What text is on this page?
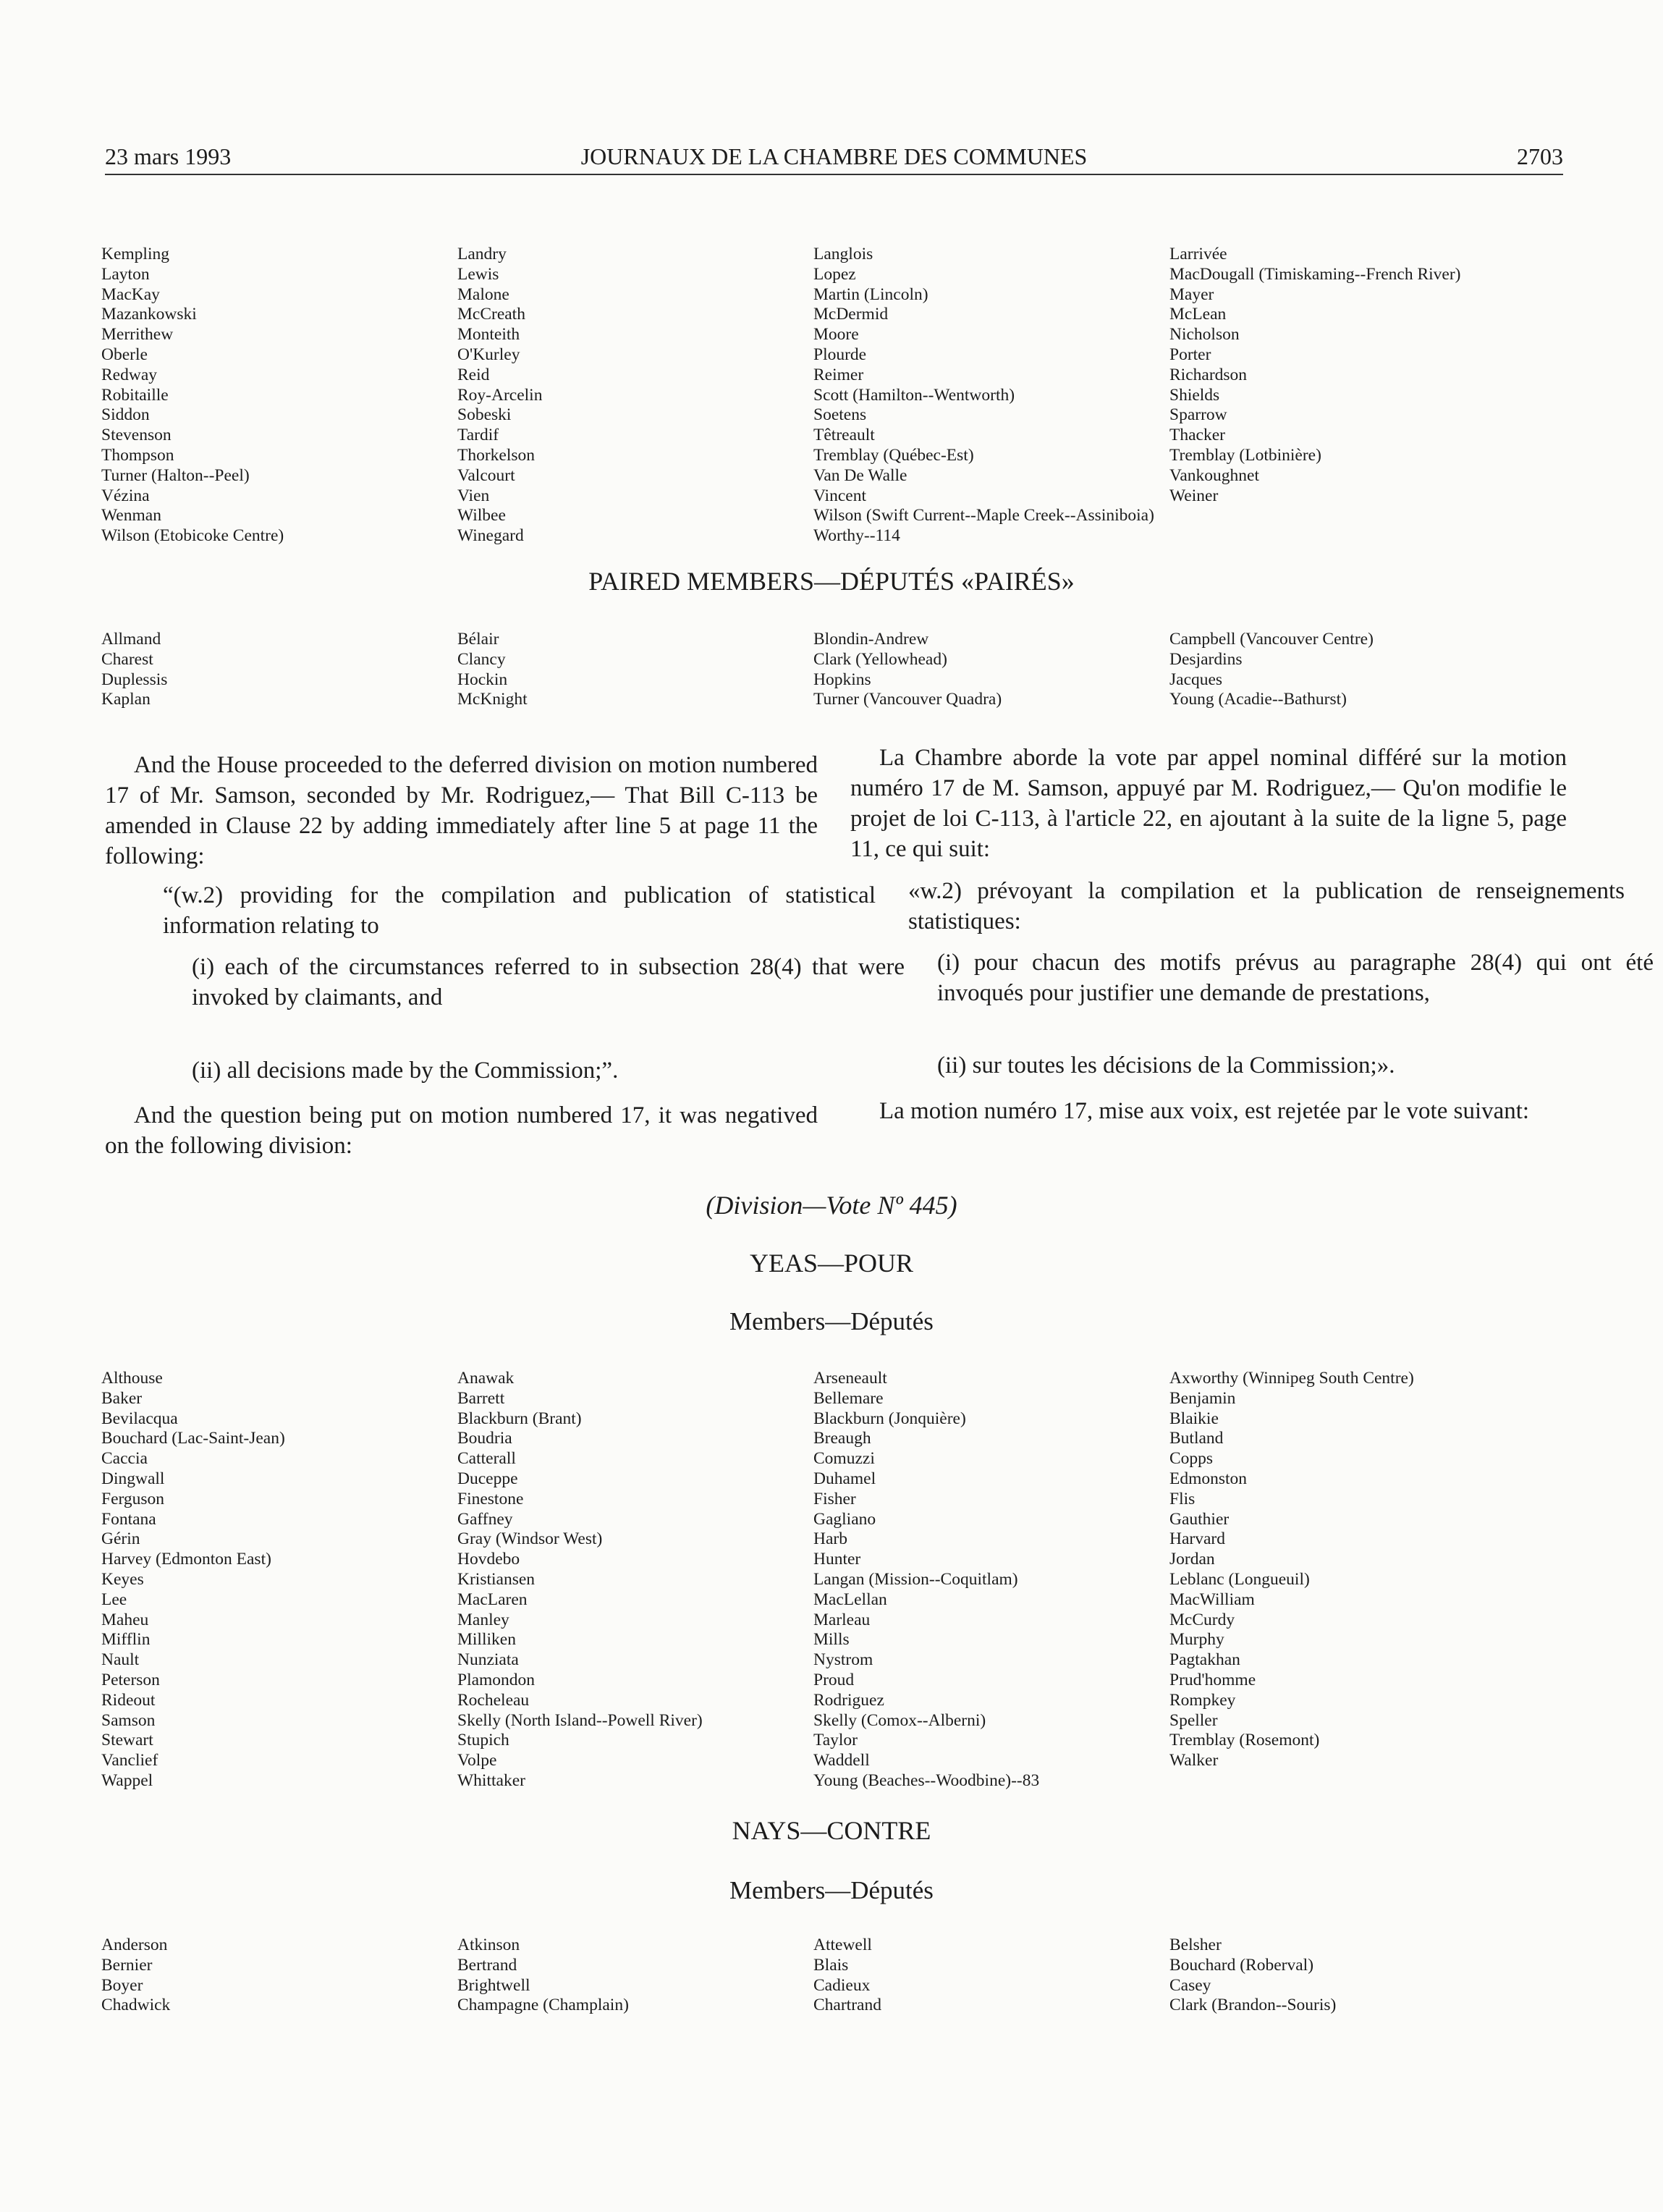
23 mars 1993	JOURNAUX DE LA CHAMBRE DES COMMUNES	2703
Kempling
Layton
MacKay
Mazankowski
Merrithew
Oberle
Redway
Robitaille
Siddon
Stevenson
Thompson
Turner (Halton--Peel)
Vézina
Wenman
Wilson (Etobicoke Centre)
Landry
Lewis
Malone
McCreath
Monteith
O'Kurley
Reid
Roy-Arcelin
Sobeski
Tardif
Thorkelson
Valcourt
Vien
Wilbee
Winegard
Langlois
Lopez
Martin (Lincoln)
McDermid
Moore
Plourde
Reimer
Scott (Hamilton--Wentworth)
Soetens
Têtreault
Tremblay (Québec-Est)
Van De Walle
Vincent
Wilson (Swift Current--Maple Creek--Assiniboia)
Worthy--114
Larrivée
MacDougall (Timiskaming--French River)
Mayer
McLean
Nicholson
Porter
Richardson
Shields
Sparrow
Thacker
Tremblay (Lotbinière)
Vankoughnet
Weiner
PAIRED MEMBERS—DÉPUTÉS «PAIRÉS»
Allmand
Charest
Duplessis
Kaplan
Bélair
Clancy
Hockin
McKnight
Blondin-Andrew
Clark (Yellowhead)
Hopkins
Turner (Vancouver Quadra)
Campbell (Vancouver Centre)
Desjardins
Jacques
Young (Acadie--Bathurst)
And the House proceeded to the deferred division on motion numbered 17 of Mr. Samson, seconded by Mr. Rodriguez,— That Bill C-113 be amended in Clause 22 by adding immediately after line 5 at page 11 the following:
“(w.2) providing for the compilation and publication of statistical information relating to
(i) each of the circumstances referred to in subsection 28(4) that were invoked by claimants, and
(ii) all decisions made by the Commission;”.
And the question being put on motion numbered 17, it was negatived on the following division:
La Chambre aborde la vote par appel nominal différé sur la motion numéro 17 de M. Samson, appuyé par M. Rodriguez,— Qu'on modifie le projet de loi C-113, à l'article 22, en ajoutant à la suite de la ligne 5, page 11, ce qui suit:
«w.2) prévoyant la compilation et la publication de renseignements statistiques:
(i) pour chacun des motifs prévus au paragraphe 28(4) qui ont été invoqués pour justifier une demande de prestations,
(ii) sur toutes les décisions de la Commission;».
La motion numéro 17, mise aux voix, est rejetée par le vote suivant:
(Division—Vote Nº 445)
YEAS—POUR
Members—Députés
Althouse
Baker
Bevilacqua
Bouchard (Lac-Saint-Jean)
Caccia
Dingwall
Ferguson
Fontana
Gérin
Harvey (Edmonton East)
Keyes
Lee
Maheu
Mifflin
Nault
Peterson
Rideout
Samson
Stewart
Vanclief
Wappel
Anawak
Barrett
Blackburn (Brant)
Boudria
Catterall
Duceppe
Finestone
Gaffney
Gray (Windsor West)
Hovdebo
Kristiansen
MacLaren
Manley
Milliken
Nunziata
Plamondon
Rocheleau
Skelly (North Island--Powell River)
Stupich
Volpe
Whittaker
Arseneault
Bellemare
Blackburn (Jonquière)
Breaugh
Comuzzi
Duhamel
Fisher
Gagliano
Harb
Hunter
Langan (Mission--Coquitlam)
MacLellan
Marleau
Mills
Nystrom
Proud
Rodriguez
Skelly (Comox--Alberni)
Taylor
Waddell
Young (Beaches--Woodbine)--83
Axworthy (Winnipeg South Centre)
Benjamin
Blaikie
Butland
Copps
Edmonston
Flis
Gauthier
Harvard
Jordan
Leblanc (Longueuil)
MacWilliam
McCurdy
Murphy
Pagtakhan
Prud'homme
Rompkey
Speller
Tremblay (Rosemont)
Walker
NAYS—CONTRE
Members—Députés
Anderson
Bernier
Boyer
Chadwick
Atkinson
Bertrand
Brightwell
Champagne (Champlain)
Attewell
Blais
Cadieux
Chartrand
Belsher
Bouchard (Roberval)
Casey
Clark (Brandon--Souris)
